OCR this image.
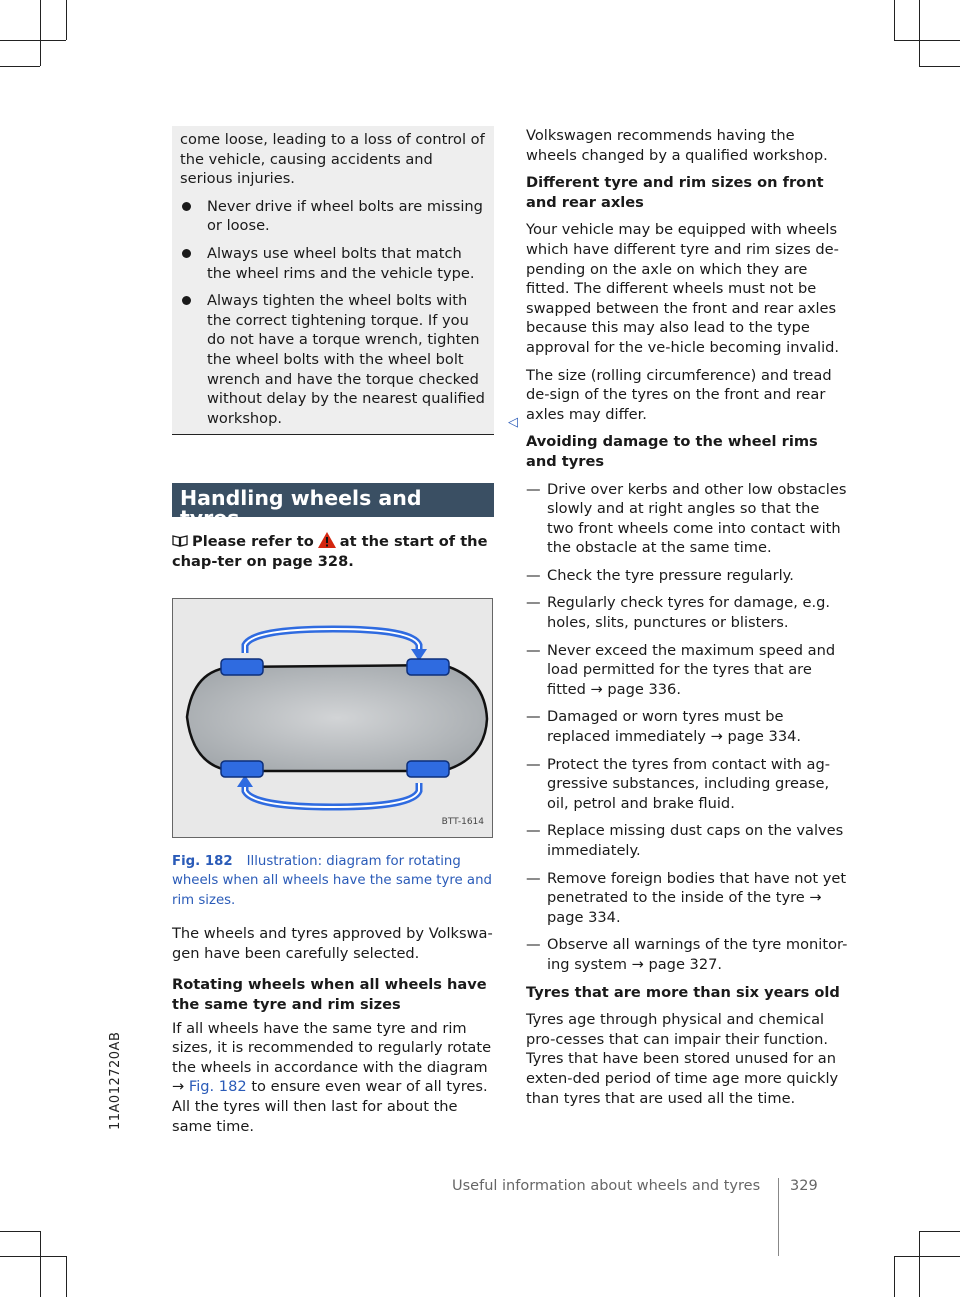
11A012720AB

come loose, leading to a loss of control of the vehicle, causing accidents and serious injuries.

Never drive if wheel bolts are missing or loose.
Always use wheel bolts that match the wheel rims and the vehicle type.
Always tighten the wheel bolts with the correct tightening torque. If you do not have a torque wrench, tighten the wheel bolts with the wheel bolt wrench and have the torque checked without delay by the nearest qualified workshop.	◁
Handling wheels and tyres
Please refer to at the start of the chap-ter on page 328.
BTT-1614
Fig. 182 Illustration: diagram for rotating wheels when all wheels have the same tyre and rim sizes.

The wheels and tyres approved by Volkswa-gen have been carefully selected.

Rotating wheels when all wheels have the same tyre and rim sizes

If all wheels have the same tyre and rim sizes, it is recommended to regularly rotate the wheels in accordance with the diagram → Fig. 182 to ensure even wear of all tyres. All the tyres will then last for about the same time.

Volkswagen recommends having the wheels changed by a qualified workshop.

Different tyre and rim sizes on front and rear axles

Your vehicle may be equipped with wheels which have different tyre and rim sizes de-pending on the axle on which they are fitted. The different wheels must not be swapped between the front and rear axles because this may also lead to the type approval for the ve-hicle becoming invalid.

The size (rolling circumference) and tread de-sign of the tyres on the front and rear axles may differ.

Avoiding damage to the wheel rims and tyres

— Drive over kerbs and other low obstacles slowly and at right angles so that the two front wheels come into contact with the obstacle at the same time.
— Check the tyre pressure regularly.
— Regularly check tyres for damage, e.g. holes, slits, punctures or blisters.
— Never exceed the maximum speed and load permitted for the tyres that are fitted → page 336.
— Damaged or worn tyres must be replaced immediately → page 334.
— Protect the tyres from contact with ag-gressive substances, including grease, oil, petrol and brake fluid.
— Replace missing dust caps on the valves immediately.
— Remove foreign bodies that have not yet penetrated to the inside of the tyre → page 334.
— Observe all warnings of the tyre monitor-ing system → page 327.

Tyres that are more than six years old

Tyres age through physical and chemical pro-cesses that can impair their function. Tyres that have been stored unused for an exten-ded period of time age more quickly than tyres that are used all the time.

Useful information about wheels and tyres 329
